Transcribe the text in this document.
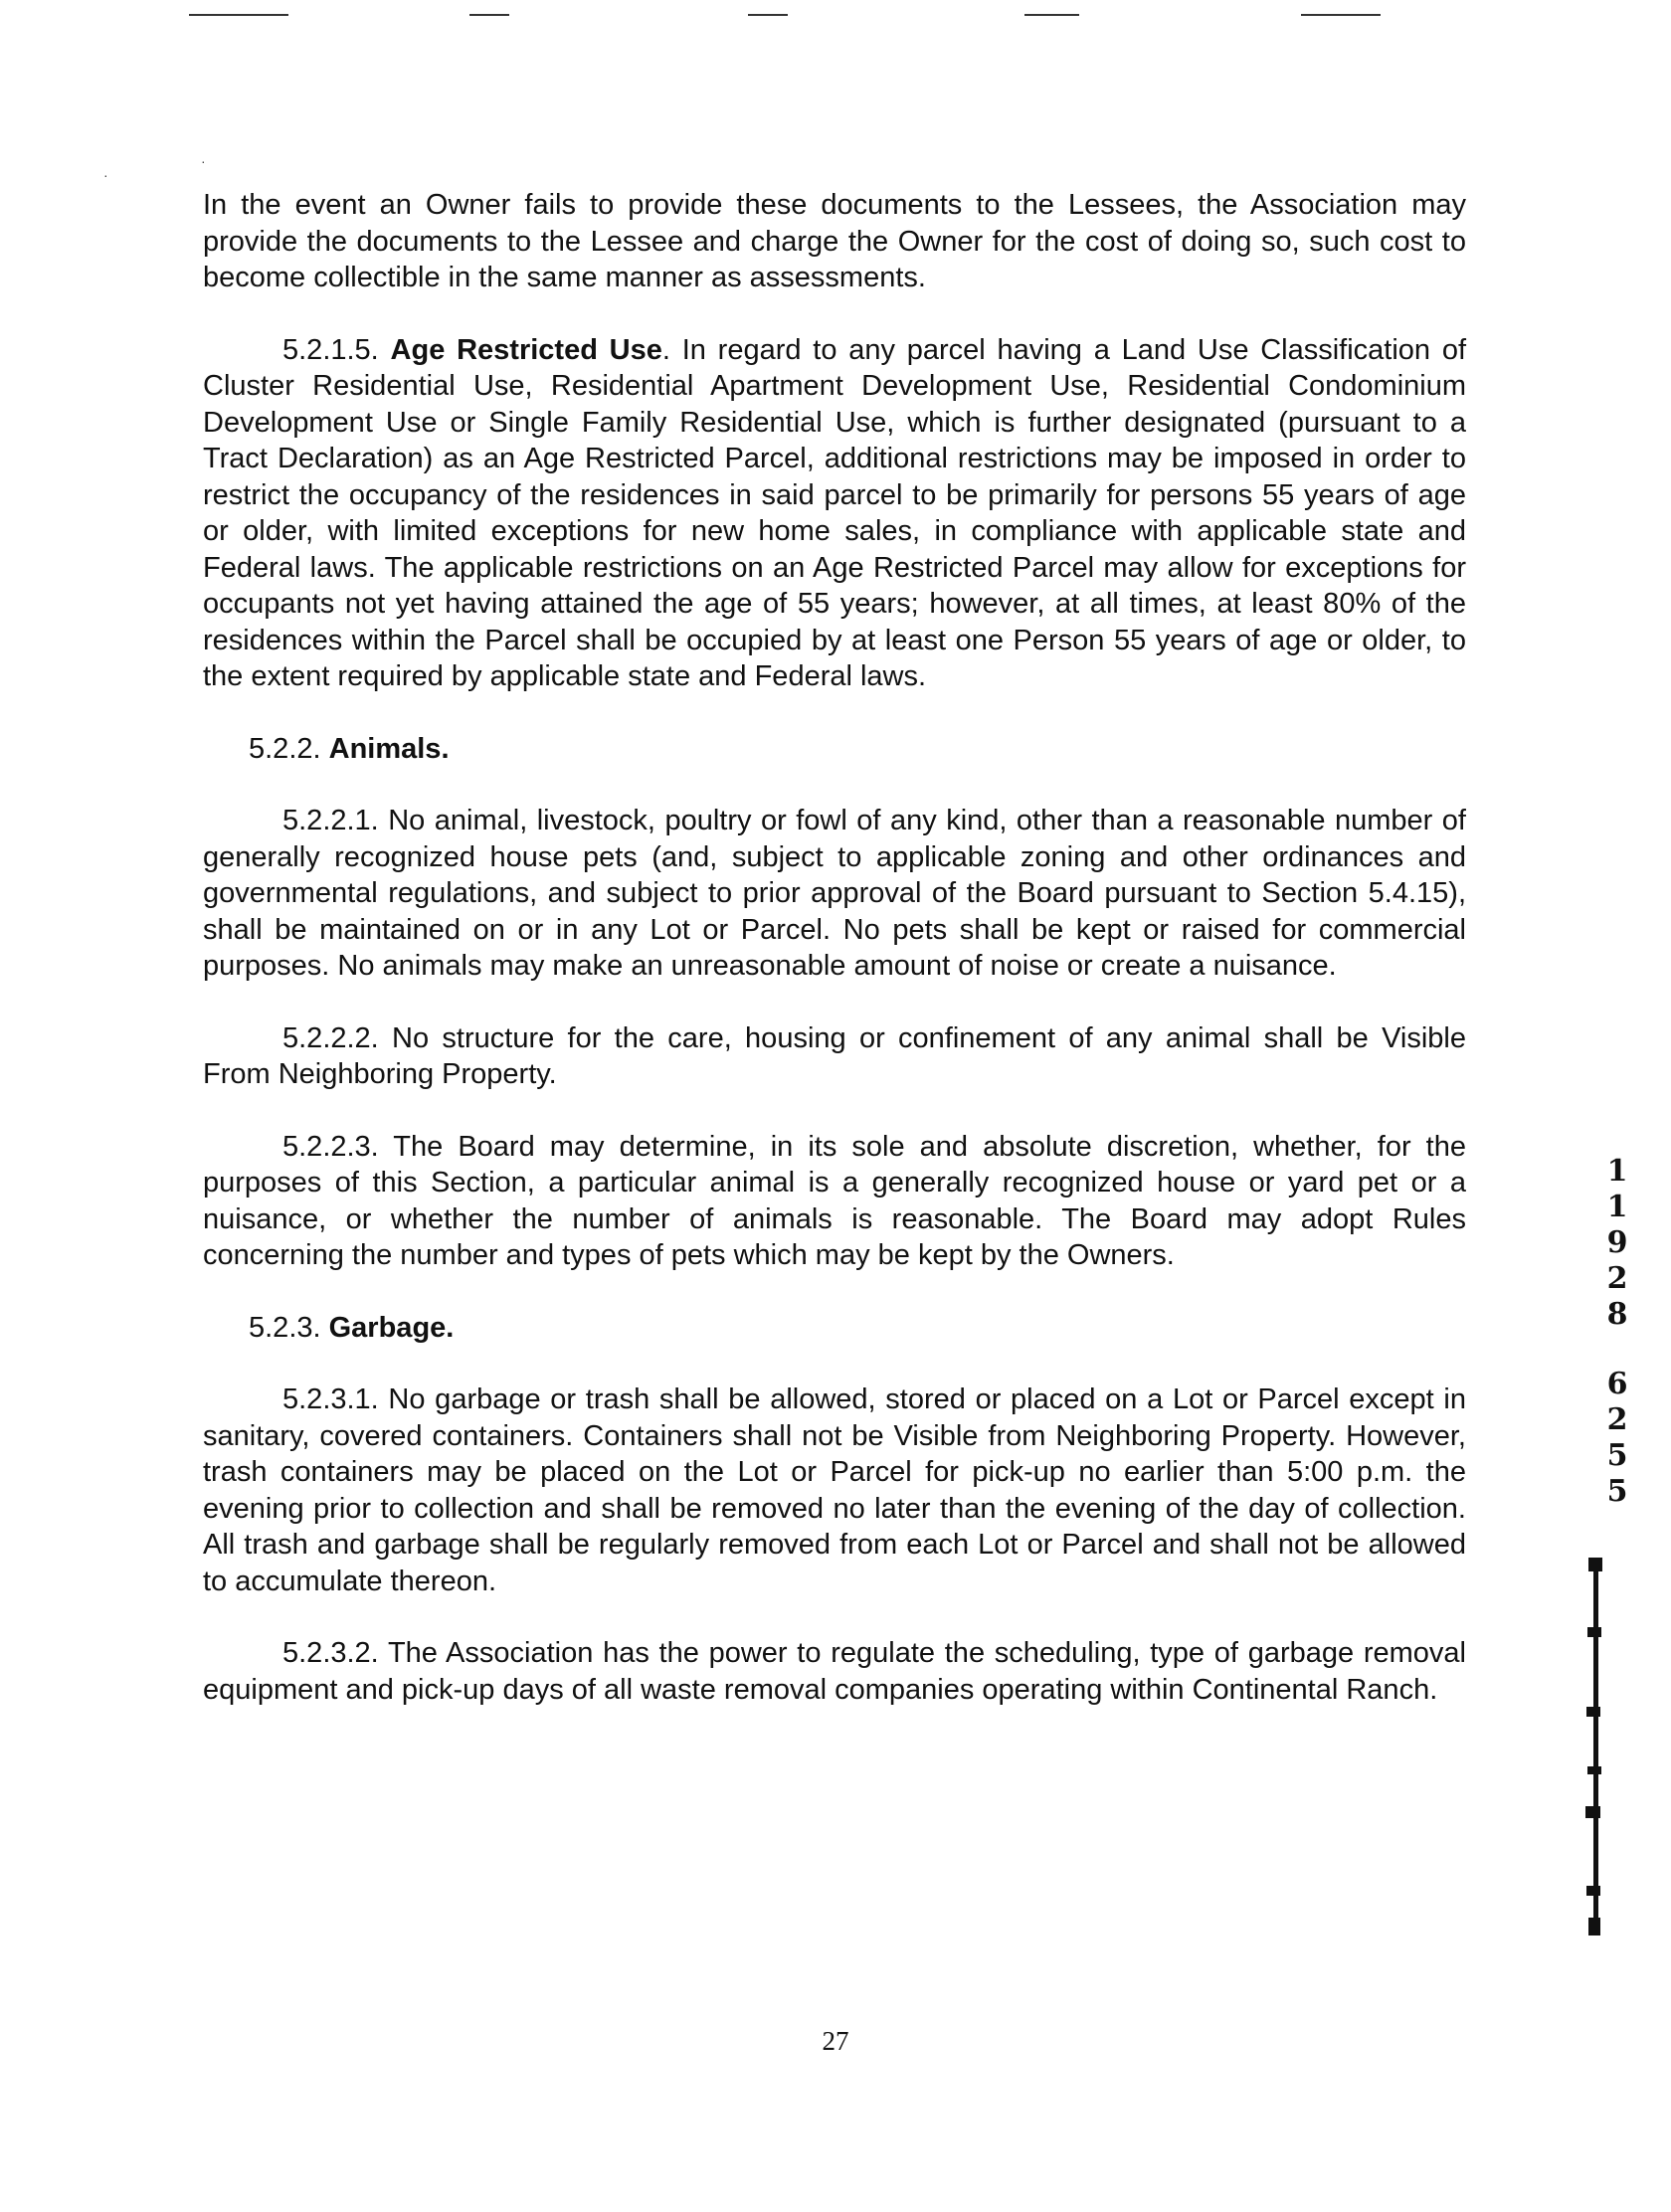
·
·

In the event an Owner fails to provide these documents to the Lessees, the Association may provide the documents to the Lessee and charge the Owner for the cost of doing so, such cost to become collectible in the same manner as assessments.

5.2.1.5. Age Restricted Use. In regard to any parcel having a Land Use Classification of Cluster Residential Use, Residential Apartment Development Use, Residential Condominium Development Use or Single Family Residential Use, which is further designated (pursuant to a Tract Declaration) as an Age Restricted Parcel, additional restrictions may be imposed in order to restrict the occupancy of the residences in said parcel to be primarily for persons 55 years of age or older, with limited exceptions for new home sales, in compliance with applicable state and Federal laws. The applicable restrictions on an Age Restricted Parcel may allow for exceptions for occupants not yet having attained the age of 55 years; however, at all times, at least 80% of the residences within the Parcel shall be occupied by at least one Person 55 years of age or older, to the extent required by applicable state and Federal laws.

5.2.2. Animals.

5.2.2.1. No animal, livestock, poultry or fowl of any kind, other than a reasonable number of generally recognized house pets (and, subject to applicable zoning and other ordinances and governmental regulations, and subject to prior approval of the Board pursuant to Section 5.4.15), shall be maintained on or in any Lot or Parcel. No pets shall be kept or raised for commercial purposes. No animals may make an unreasonable amount of noise or create a nuisance.

5.2.2.2. No structure for the care, housing or confinement of any animal shall be Visible From Neighboring Property.

5.2.2.3. The Board may determine, in its sole and absolute discretion, whether, for the purposes of this Section, a particular animal is a generally recognized house or yard pet or a nuisance, or whether the number of animals is reasonable. The Board may adopt Rules concerning the number and types of pets which may be kept by the Owners.

5.2.3. Garbage.

5.2.3.1. No garbage or trash shall be allowed, stored or placed on a Lot or Parcel except in sanitary, covered containers. Containers shall not be Visible from Neighboring Property. However, trash containers may be placed on the Lot or Parcel for pick-up no earlier than 5:00 p.m. the evening prior to collection and shall be removed no later than the evening of the day of collection. All trash and garbage shall be regularly removed from each Lot or Parcel and shall not be allowed to accumulate thereon.

5.2.3.2. The Association has the power to regulate the scheduling, type of garbage removal equipment and pick-up days of all waste removal companies operating within Continental Ranch.

1
1
9
2
8
6
2
5
5
27
